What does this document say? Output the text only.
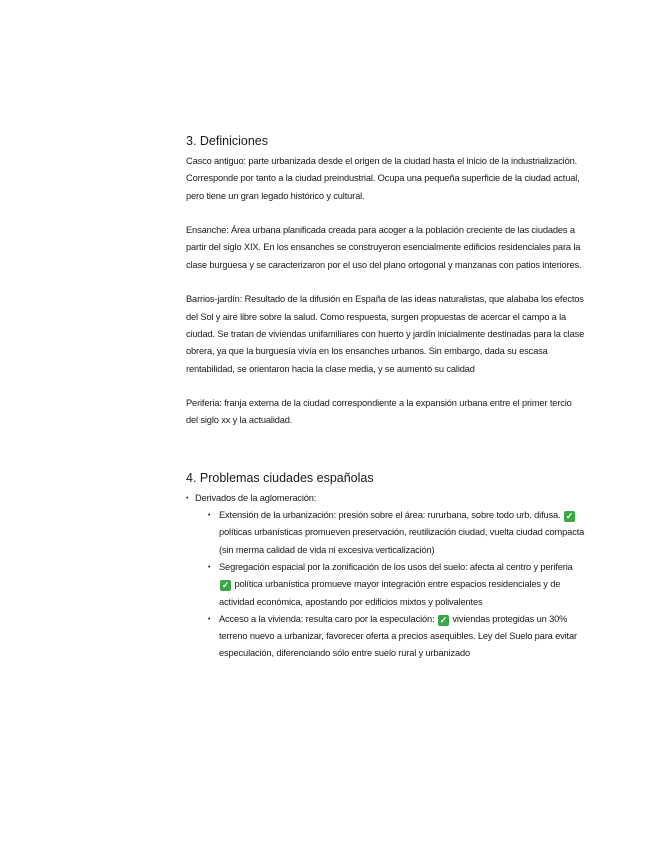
3. Definiciones

Casco antiguo: parte urbanizada desde el origen de la ciudad hasta el inicio de la industrialización. Corresponde por tanto a la ciudad preindustrial. Ocupa una pequeña superficie de la ciudad actual, pero tiene un gran legado histórico y cultural.

Ensanche: Área urbana planificada creada para acoger a la población creciente de las ciudades a partir del siglo XIX. En los ensanches se construyeron esencialmente edificios residenciales para la clase burguesa y se caracterizaron por el uso del plano ortogonal y manzanas con patios interiores.

Barrios-jardín: Resultado de la difusión en España de las ideas naturalistas, que alababa los efectos del Sol y aire libre sobre la salud. Como respuesta, surgen propuestas de acercar el campo a la ciudad. Se tratan de viviendas unifamiliares con huerto y jardín inicialmente destinadas para la clase obrera, ya que la burguesía vivía en los ensanches urbanos. Sin embargo, dada su escasa rentabilidad, se orientaron hacia la clase media, y se aumentó su calidad

Periferia: franja externa de la ciudad correspondiente a la expansión urbana entre el primer tercio del siglo xx y la actualidad.

4. Problemas ciudades españolas

• Derivados de la aglomeración:

• Extensión de la urbanización: presión sobre el área: rururbana, sobre todo urb. difusa. ✓políticas urbanísticas promueven preservación, reutilización ciudad, vuelta ciudad compacta (sin merma calidad de vida ni excesiva verticalización)
• Segregación espacial por la zonificación de los usos del suelo: afecta al centro y periferia ✓ política urbanística promueve mayor integración entre espacios residenciales y de actividad económica, apostando por edificios mixtos y polivalentes
• Acceso a la vivienda: resulta caro por la especulación: ✓ viviendas protegidas un 30% terreno nuevo a urbanizar, favorecer oferta a precios asequibles. Ley del Suelo para evitar especulación, diferenciando sólo entre suelo rural y urbanizado
